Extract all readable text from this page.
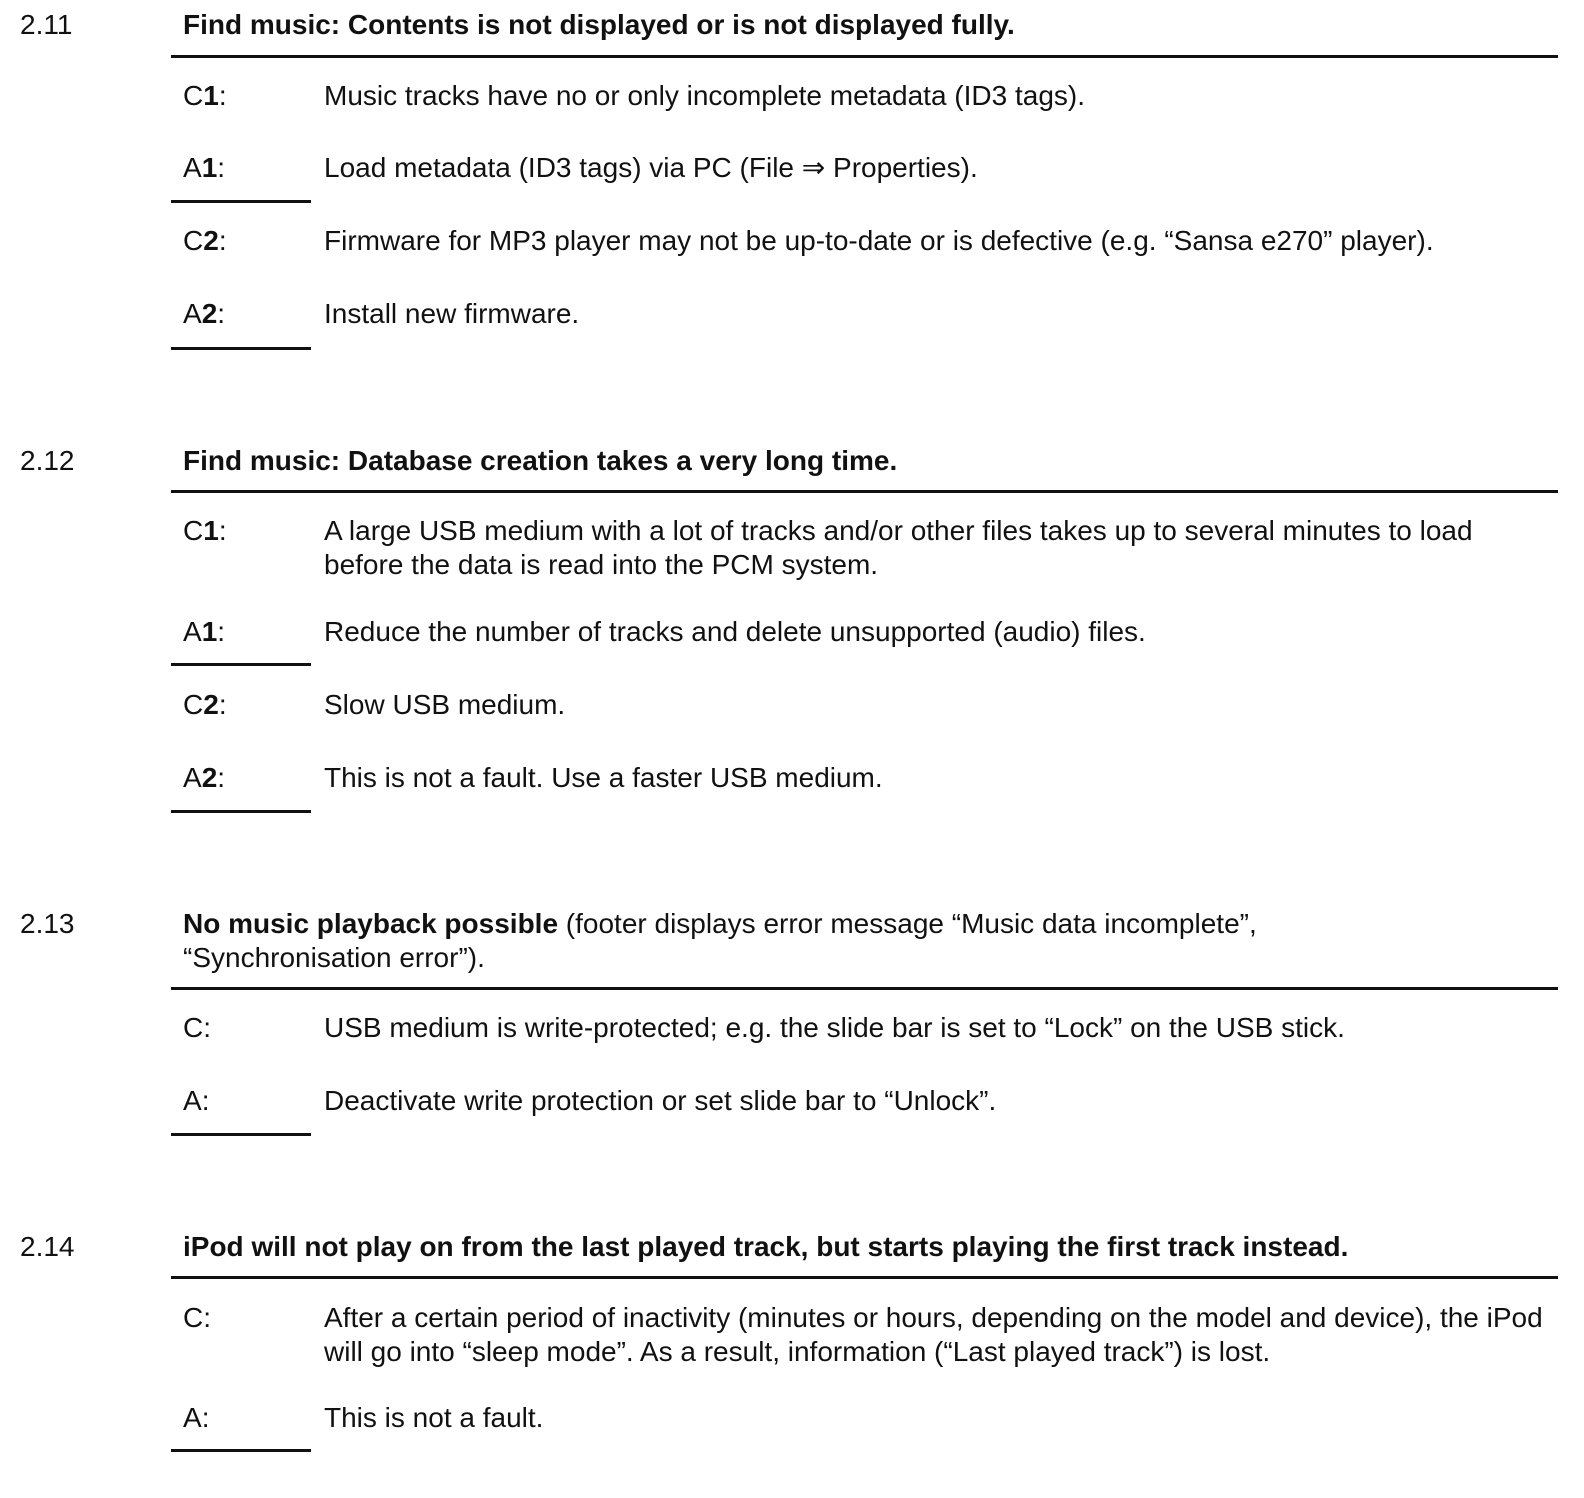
2.11	Find music: Contents is not displayed or is not displayed fully.
C1:	Music tracks have no or only incomplete metadata (ID3 tags).
A1:	Load metadata (ID3 tags) via PC (File ⇒ Properties).
C2:	Firmware for MP3 player may not be up-to-date or is defective (e.g. “Sansa e270” player).
A2:	Install new firmware.
2.12	Find music: Database creation takes a very long time.
C1:	A large USB medium with a lot of tracks and/or other files takes up to several minutes to load before the data is read into the PCM system.
A1:	Reduce the number of tracks and delete unsupported (audio) files.
C2:	Slow USB medium.
A2:	This is not a fault. Use a faster USB medium.
2.13	No music playback possible (footer displays error message “Music data incomplete”, “Synchronisation error”).
C:	USB medium is write-protected; e.g. the slide bar is set to “Lock” on the USB stick.
A:	Deactivate write protection or set slide bar to “Unlock”.
2.14	iPod will not play on from the last played track, but starts playing the first track instead.
C:	After a certain period of inactivity (minutes or hours, depending on the model and device), the iPod will go into “sleep mode”. As a result, information (“Last played track”) is lost.
A:	This is not a fault.
